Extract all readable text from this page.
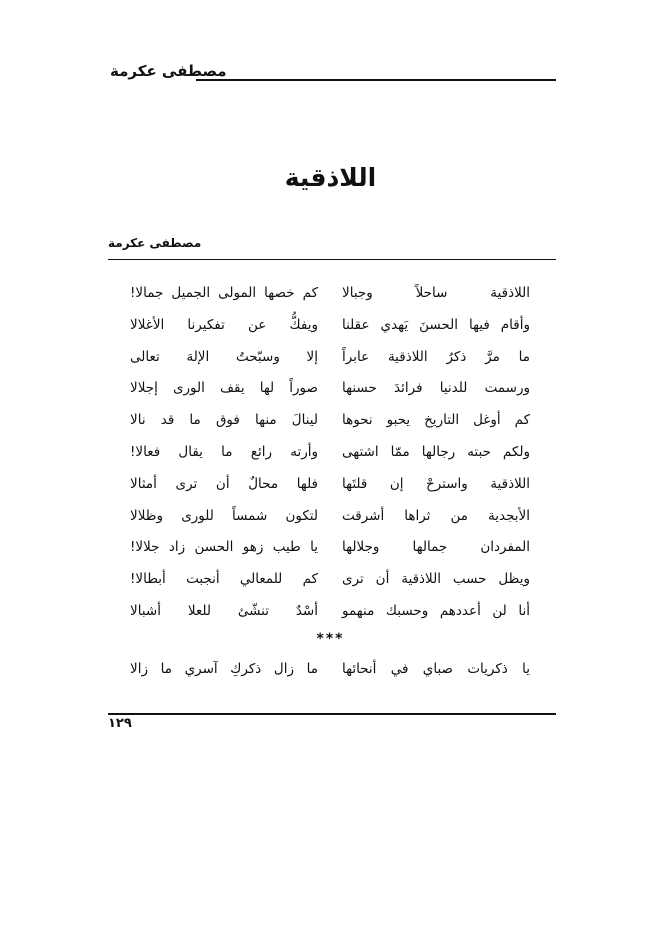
مصطفى عكرمة
اللاذقية
مصطفى عكرمة
اللاذقية ساحلاً وجبالا
كم خصها المولى الجميل جمالا!
وأقام فيها الحسنَ يَهدي عقلنا
ويفكُّ عن تفكيرنا الأغلالا
ما مرَّ ذكرُ اللاذقية عابراً
إلا وسبّحتُ الإلهَ تعالى
ورسمت للدنيا فرائدَ حسنها
صوراً لها يقف الورى إجلالا
كم أوغل التاريخ يحبو نحوها
لينالَ منها فوق ما قد نالا
ولكم حبته رجالها ممّا اشتهى
وأرته رائع ما يقال فعالا!
اللاذقية واسترحْ إن قلتَها
فلها محالٌ أن ترى أمثالا
الأبجدية من ثراها أشرقت
لتكون شمساً للورى وظلالا
المفردان جمالها وجلالها
يا طيب زهو الحسن زاد جلالا!
ويظل حسب اللاذقية أن ترى
كم للمعالي أنجبت أبطالا!
أنا لن أعددهم وحسبك منهمو
أسْدٌ تنشّئ للعلا أشبالا
***
يا ذكريات صباي في أنحائها
ما زال ذكركِ آسري ما زالا
١٢٩
